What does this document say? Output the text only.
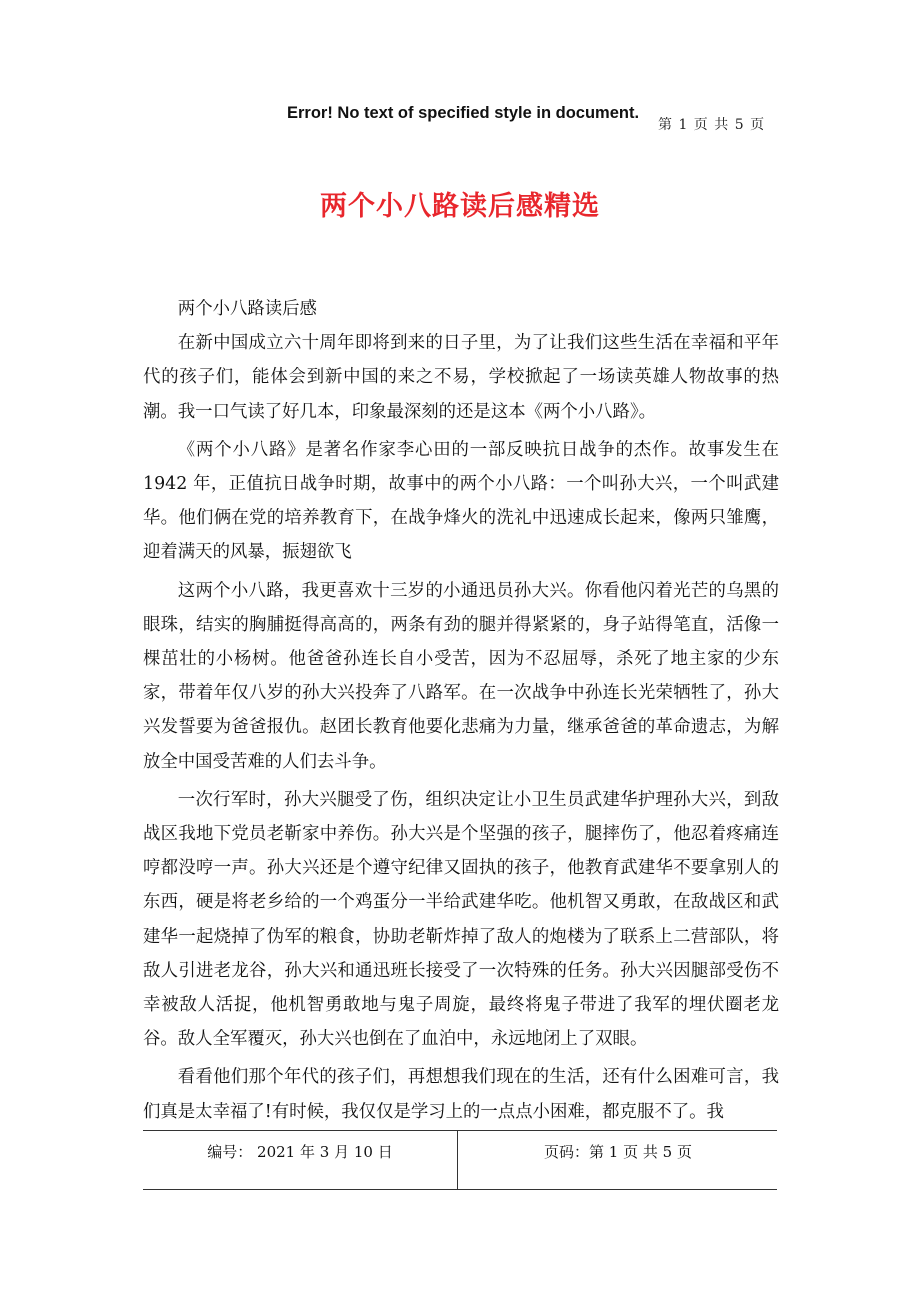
Error! No text of specified style in document.
第 1 页 共 5 页
两个小八路读后感精选

两个小八路读后感

在新中国成立六十周年即将到来的日子里，为了让我们这些生活在幸福和平年代的孩子们，能体会到新中国的来之不易，学校掀起了一场读英雄人物故事的热潮。我一口气读了好几本，印象最深刻的还是这本《两个小八路》。

《两个小八路》是著名作家李心田的一部反映抗日战争的杰作。故事发生在 1942 年，正值抗日战争时期，故事中的两个小八路：一个叫孙大兴，一个叫武建华。他们俩在党的培养教育下，在战争烽火的洗礼中迅速成长起来，像两只雏鹰，迎着满天的风暴，振翅欲飞

这两个小八路，我更喜欢十三岁的小通迅员孙大兴。你看他闪着光芒的乌黑的眼珠，结实的胸脯挺得高高的，两条有劲的腿并得紧紧的，身子站得笔直，活像一棵茁壮的小杨树。他爸爸孙连长自小受苦，因为不忍屈辱，杀死了地主家的少东家，带着年仅八岁的孙大兴投奔了八路军。在一次战争中孙连长光荣牺牲了，孙大兴发誓要为爸爸报仇。赵团长教育他要化悲痛为力量，继承爸爸的革命遗志，为解放全中国受苦难的人们去斗争。

一次行军时，孙大兴腿受了伤，组织决定让小卫生员武建华护理孙大兴，到敌战区我地下党员老靳家中养伤。孙大兴是个坚强的孩子，腿摔伤了，他忍着疼痛连哼都没哼一声。孙大兴还是个遵守纪律又固执的孩子，他教育武建华不要拿别人的东西，硬是将老乡给的一个鸡蛋分一半给武建华吃。他机智又勇敢，在敌战区和武建华一起烧掉了伪军的粮食，协助老靳炸掉了敌人的炮楼为了联系上二营部队，将敌人引进老龙谷，孙大兴和通迅班长接受了一次特殊的任务。孙大兴因腿部受伤不幸被敌人活捉，他机智勇敢地与鬼子周旋，最终将鬼子带进了我军的埋伏圈老龙谷。敌人全军覆灭，孙大兴也倒在了血泊中，永远地闭上了双眼。

看看他们那个年代的孩子们，再想想我们现在的生活，还有什么困难可言，我们真是太幸福了!有时候，我仅仅是学习上的一点点小困难，都克服不了。我

编号： 2021 年 3 月 10 日	页码：第 1 页 共 5 页
